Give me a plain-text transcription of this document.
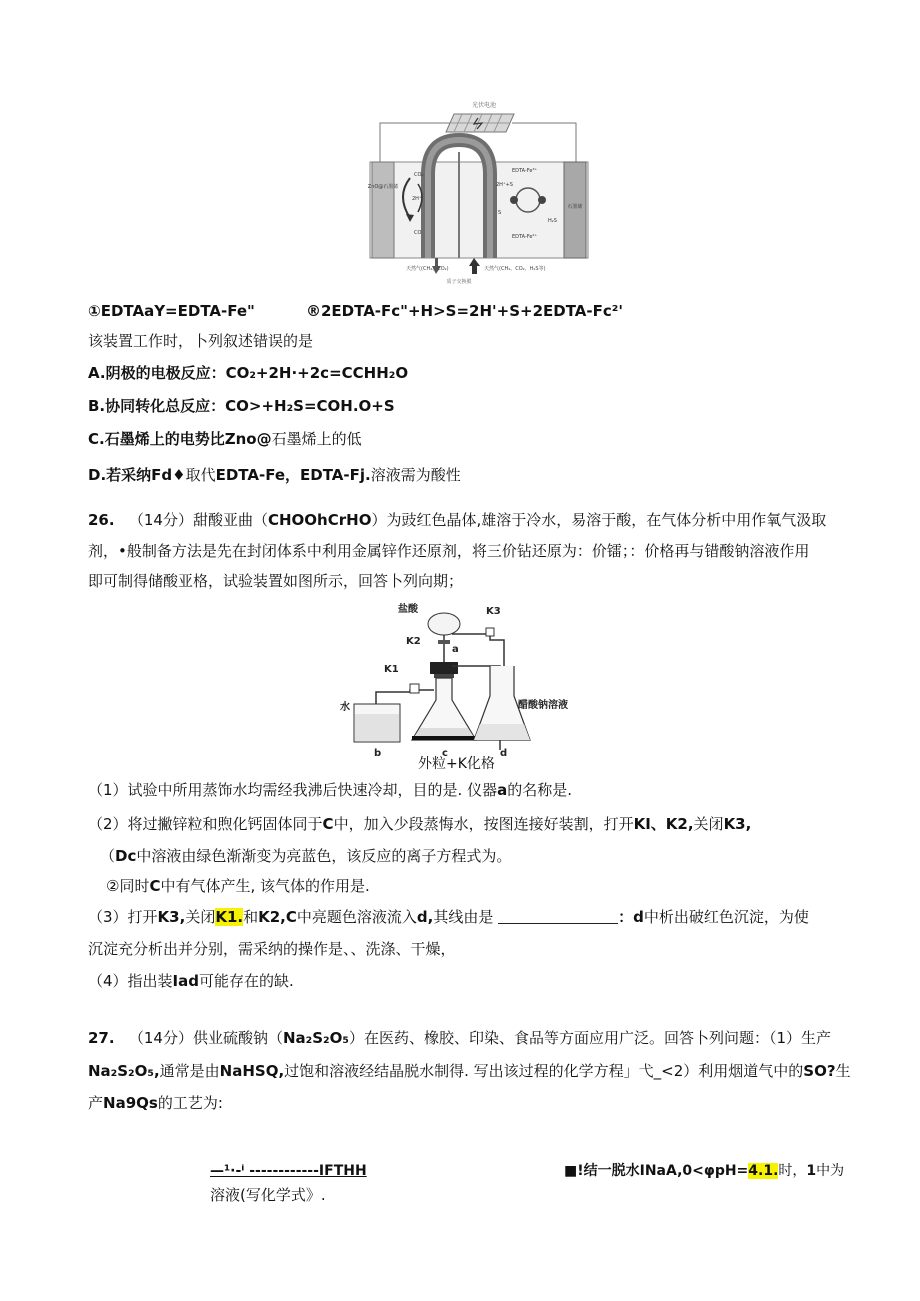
光伏电池
ZnO@石墨烯
石墨烯
CO₂
2H⁺
CO
EDTA-Fe³⁺
2H⁺+S
EDTA-Fe²⁺
H₂S
S
天然气(CH₄、CO₂)	天然气(CH₄、CO₂、H₂S等)
质子交换膜
①EDTAaY=EDTA-Fe"	®2EDTA-Fc"+H>S=2H'+S+2EDTA-Fc²'
该装置工作时，卜列叙述错误的是
A.阴极的电极反应：CO₂+2H·+2c=CCHH₂O
B.协同转化总反应：CO>+H₂S=COH.O+S
C.石墨烯上的电势比Zno@石墨烯上的低
D.若采纳Fd♦取代EDTA-Fe，EDTA-Fj.溶液需为酸性
26. （14分）甜酸亚曲（CHOOhCrHO）为豉红色晶体,雄溶于冷水，易溶于酸，在气体分析中用作氧气汲取
剂，•般制备方法是先在封闭体系中利用金属锌作还原剂，将三价钻还原为：价镭；：价格再与错酸钠溶液作用
即可制得储酸亚格，试验装置如图所示，回答卜列向期；
盐酸
K2
a
K3
醋酸钠溶液
K1
水
b	c	d
外粒+K化格
（1）试验中所用蒸饰水均需经我沸后快速冷却，目的是. 仪器a的名称是.
（2）将过撇锌粒和煦化钙固体同于C中，加入少段蒸悔水，按图连接好装割，打开KI、K2,关闭K3,
（Dc中溶液由绿色渐渐变为亮蓝色，该反应的离子方程式为。
②同时C中有气体产生, 该气体的作用是.
（3）打开K3,关闭K1.和K2,C中亮题色溶液流入d,其线由是	：d中析出破红色沉淀，为使
沉淀充分析出并分别，需采纳的操作是、、洗涤、干燥，
（4）指出装Iad可能存在的缺.
27. （14分）供业硫酸钠（Na₂S₂O₅）在医药、橡胶、印染、食品等方面应用广泛。回答卜列问题：（1）生产
Na₂S₂O₅,通常是由NaHSQ,过饱和溶液经结晶脱水制得. 写出该过程的化学方程」弋_<2）利用烟道气中的SO?生
产Na9Qs的工艺为:
—¹·-ⁱ ------------IFTHH	■!结一脱水INaA,0<φpH=4.1.时，1中为
溶液(写化学式》.
